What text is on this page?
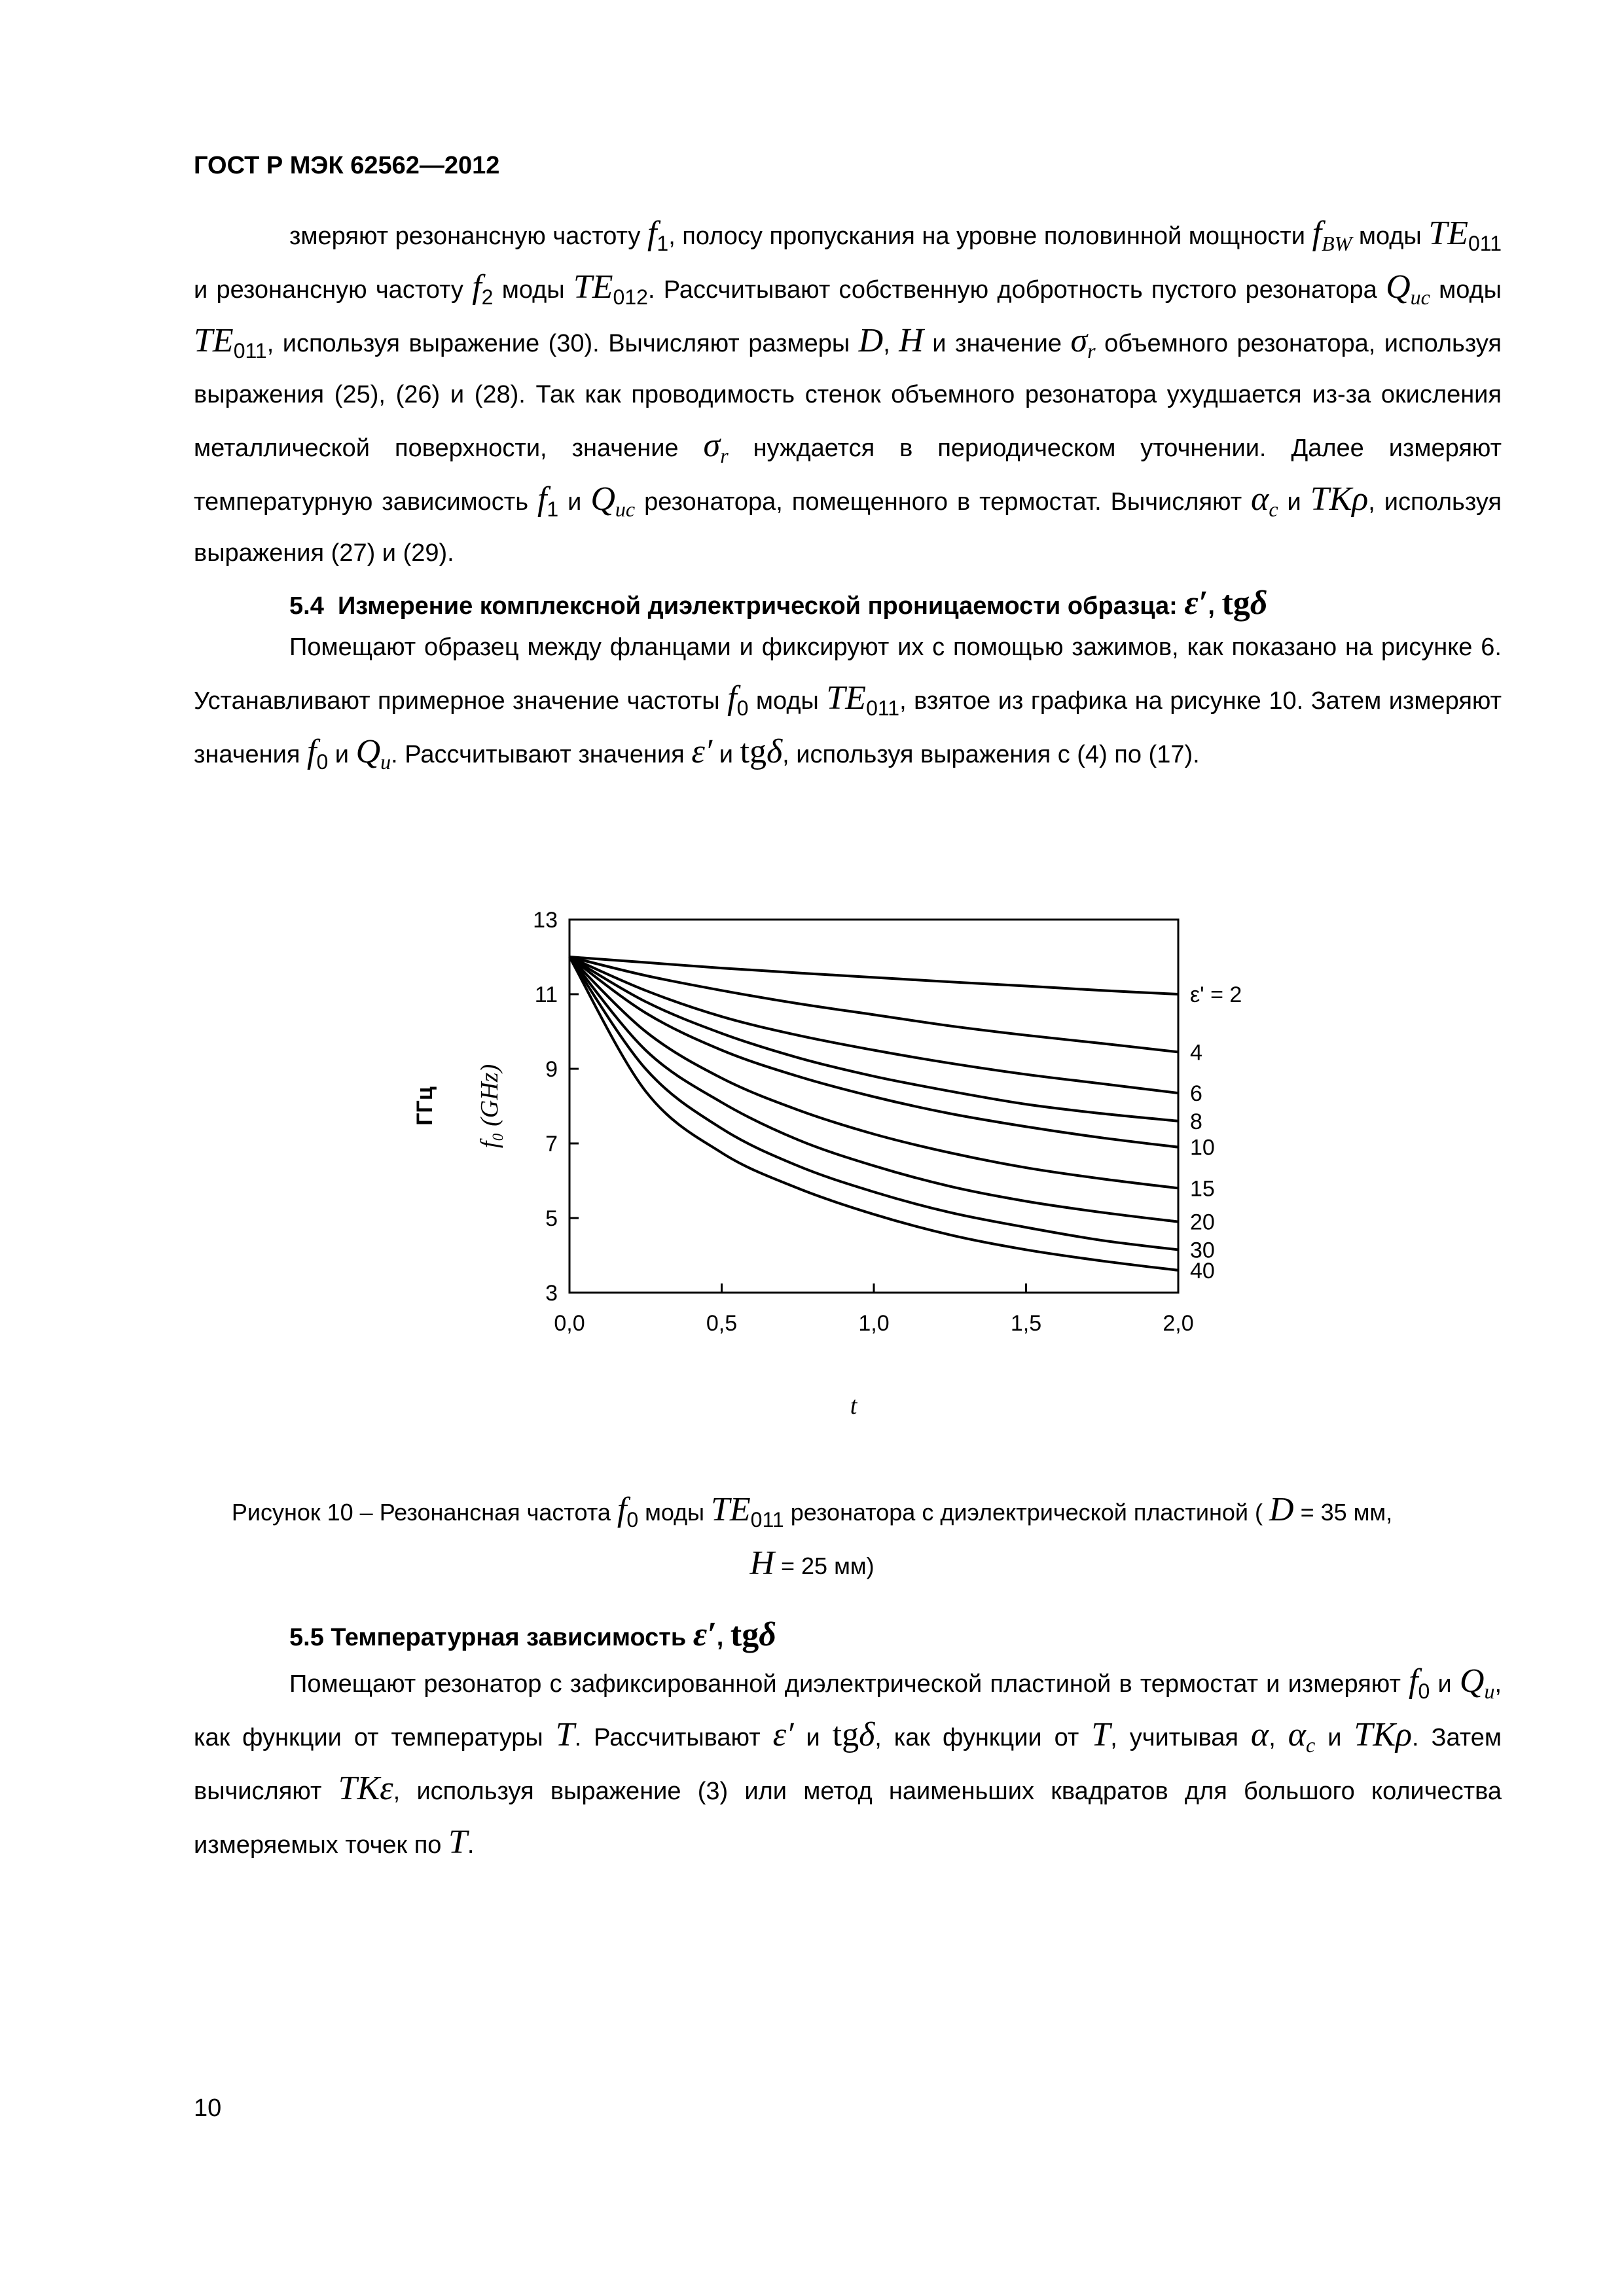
ГОСТ Р МЭК 62562—2012

змеряют резонансную частоту $f_1$, полосу пропускания на уровне половинной мощности $f_{BW}$ моды $TE_{011}$ и резонансную частоту $f_2$ моды $TE_{012}$. Рассчитывают собственную добротность пустого резонатора $Q_{uc}$ моды $TE_{011}$, используя выражение (30). Вычисляют размеры D, H и значение $\sigma_r$ объемного резонатора, используя выражения (25), (26) и (28). Так как проводимость стенок объемного резонатора ухудшается из-за окисления металлической поверхности, значение $\sigma_r$ нуждается в периодическом уточнении. Далее измеряют температурную зависимость $f_1$ и $Q_{uc}$ резонатора, помещенного в термостат. Вычисляют $\alpha_c$ и TKρ, используя выражения (27) и (29).

5.4 Измерение комплексной диэлектрической проницаемости образца: ε′, tgδ

Помещают образец между фланцами и фиксируют их с помощью зажимов, как показано на рисунке 6. Устанавливают примерное значение частоты $f_0$ моды $TE_{011}$, взятое из графика на рисунке 10. Затем измеряют значения $f_0$ и $Q_u$. Рассчитывают значения ε′ и tgδ, используя выражения с (4) по (17).

3
5
7
9
11
13
0,0	0,5	1,0	1,5	2,0
ε' = 2
4
6
8
10
15
20
30
40
f₀ (GHz)
ГГц
t
Рисунок 10 – Резонансная частота $f_0$ моды $TE_{011}$ резонатора с диэлектрической пластиной ( D = 35 мм,
H = 25 мм)
5.5 Температурная зависимость ε′, tgδ

Помещают резонатор с зафиксированной диэлектрической пластиной в термостат и измеряют $f_0$ и $Q_u$, как функции от температуры T. Рассчитывают ε′ и tgδ, как функции от T, учитывая α, $\alpha_c$ и TKρ. Затем вычисляют TKε, используя выражение (3) или метод наименьших квадратов для большого количества измеряемых точек по T.

10
